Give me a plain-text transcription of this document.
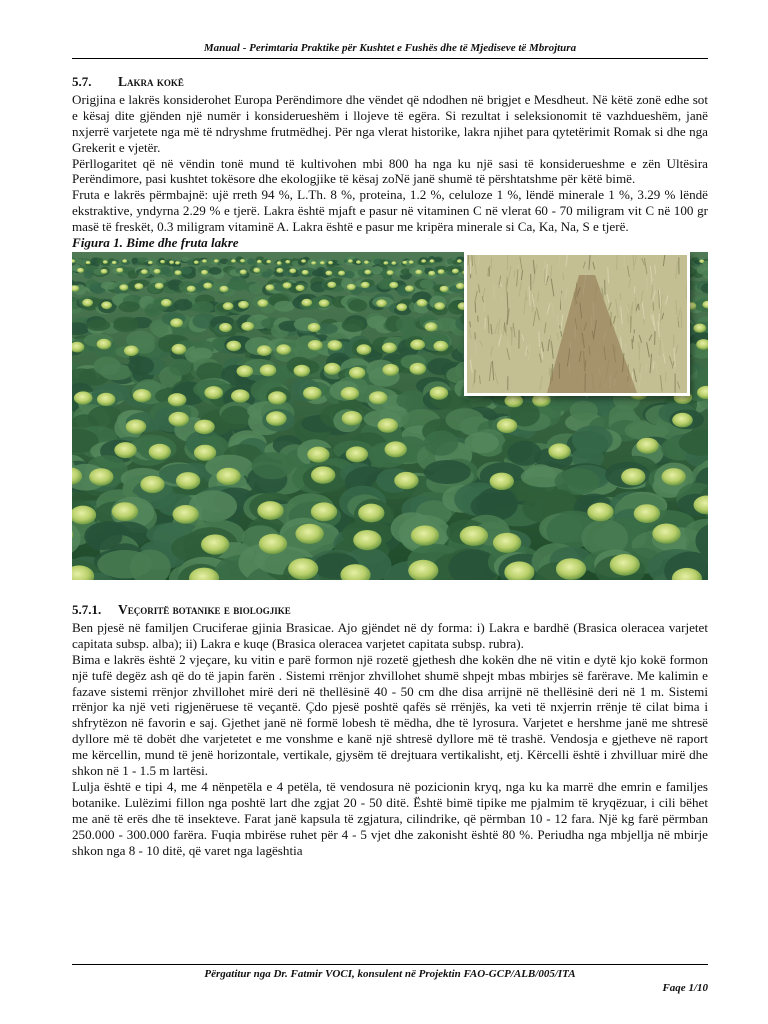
Manual - Perimtaria Praktike për Kushtet e Fushës dhe të Mjediseve të Mbrojtura
5.7. Lakra kokë

Origjina e lakrës konsiderohet Europa Perëndimore dhe vëndet që ndodhen në brigjet e Mesdheut. Në këtë zonë edhe sot e kësaj dite gjënden një numër i konsiderueshëm i llojeve të egëra. Si rezultat i seleksionomit të vazhdueshëm, janë nxjerrë varjetete nga më të ndryshme frutmëdhej. Për nga vlerat historike, lakra njihet para qytetërimit Romak si dhe nga Grekerit e vjetër.

Përllogaritet që në vëndin tonë mund të kultivohen mbi 800 ha nga ku një sasi të konsiderueshme e zën Ultësira Perëndimore, pasi kushtet tokësore dhe ekologjike të kësaj zoNë janë shumë të përshtatshme për këtë bimë.

Fruta e lakrës përmbajnë: ujë rreth 94 %, L.Th. 8 %, proteina, 1.2 %, celuloze 1 %, lëndë minerale 1 %, 3.29 % lëndë ekstraktive, yndyrna 2.29 % e tjerë. Lakra është mjaft e pasur në vitaminen C në vlerat 60 - 70 miligram vit C në 100 gr masë të freskët, 0.3 miligram vitaminë A. Lakra është e pasur me kripëra minerale si Ca, Ka, Na, S e tjerë.

Figura 1. Bime dhe fruta lakre

5.7.1. Veçoritë botanike e biologjike

Ben pjesë në familjen Cruciferae gjinia Brasicae. Ajo gjëndet në dy forma: i) Lakra e bardhë (Brasica oleracea varjetet capitata subsp. alba); ii) Lakra e kuqe (Brasica oleracea varjetet capitata subsp. rubra).

Bima e lakrës është 2 vjeçare, ku vitin e parë formon një rozetë gjethesh dhe kokën dhe në vitin e dytë kjo kokë formon një tufë degëz ash që do të japin farën . Sistemi rrënjor zhvillohet shumë shpejt mbas mbirjes së farërave. Me kalimin e fazave sistemi rrënjor zhvillohet mirë deri në thellësinë 40 - 50 cm dhe disa arrijnë në thellësinë deri në 1 m. Sistemi rrënjor ka një veti rigjenëruese të veçantë. Çdo pjesë poshtë qafës së rrënjës, ka veti të nxjerrin rrënje të cilat bima i shfrytëzon në favorin e saj. Gjethet janë në formë lobesh të mëdha, dhe të lyrosura. Varjetet e hershme janë me shtresë dyllore më të dobët dhe varjetetet e me vonshme e kanë një shtresë dyllore më të trashë. Vendosja e gjetheve në raport me kërcellin, mund të jenë horizontale, vertikale, gjysëm të drejtuara vertikalisht, etj. Kërcelli është i zhvilluar mirë dhe shkon në 1 - 1.5 m lartësi.

Lulja është e tipi 4, me 4 nënpetëla e 4 petëla, të vendosura në pozicionin kryq, nga ku ka marrë dhe emrin e familjes botanike. Lulëzimi fillon nga poshtë lart dhe zgjat 20 - 50 ditë. Është bimë tipike me pjalmim të kryqëzuar, i cili bëhet me anë të erës dhe të insekteve. Farat janë kapsula të zgjatura, cilindrike, që përmban 10 - 12 fara. Një kg farë përmban 250.000 - 300.000 farëra. Fuqia mbirëse ruhet për 4 - 5 vjet dhe zakonisht është 80 %. Periudha nga mbjellja në mbirje shkon nga 8 - 10 ditë, që varet nga lagështia

Përgatitur nga Dr. Fatmir VOCI, konsulent në Projektin FAO-GCP/ALB/005/ITA
Faqe 1/10
